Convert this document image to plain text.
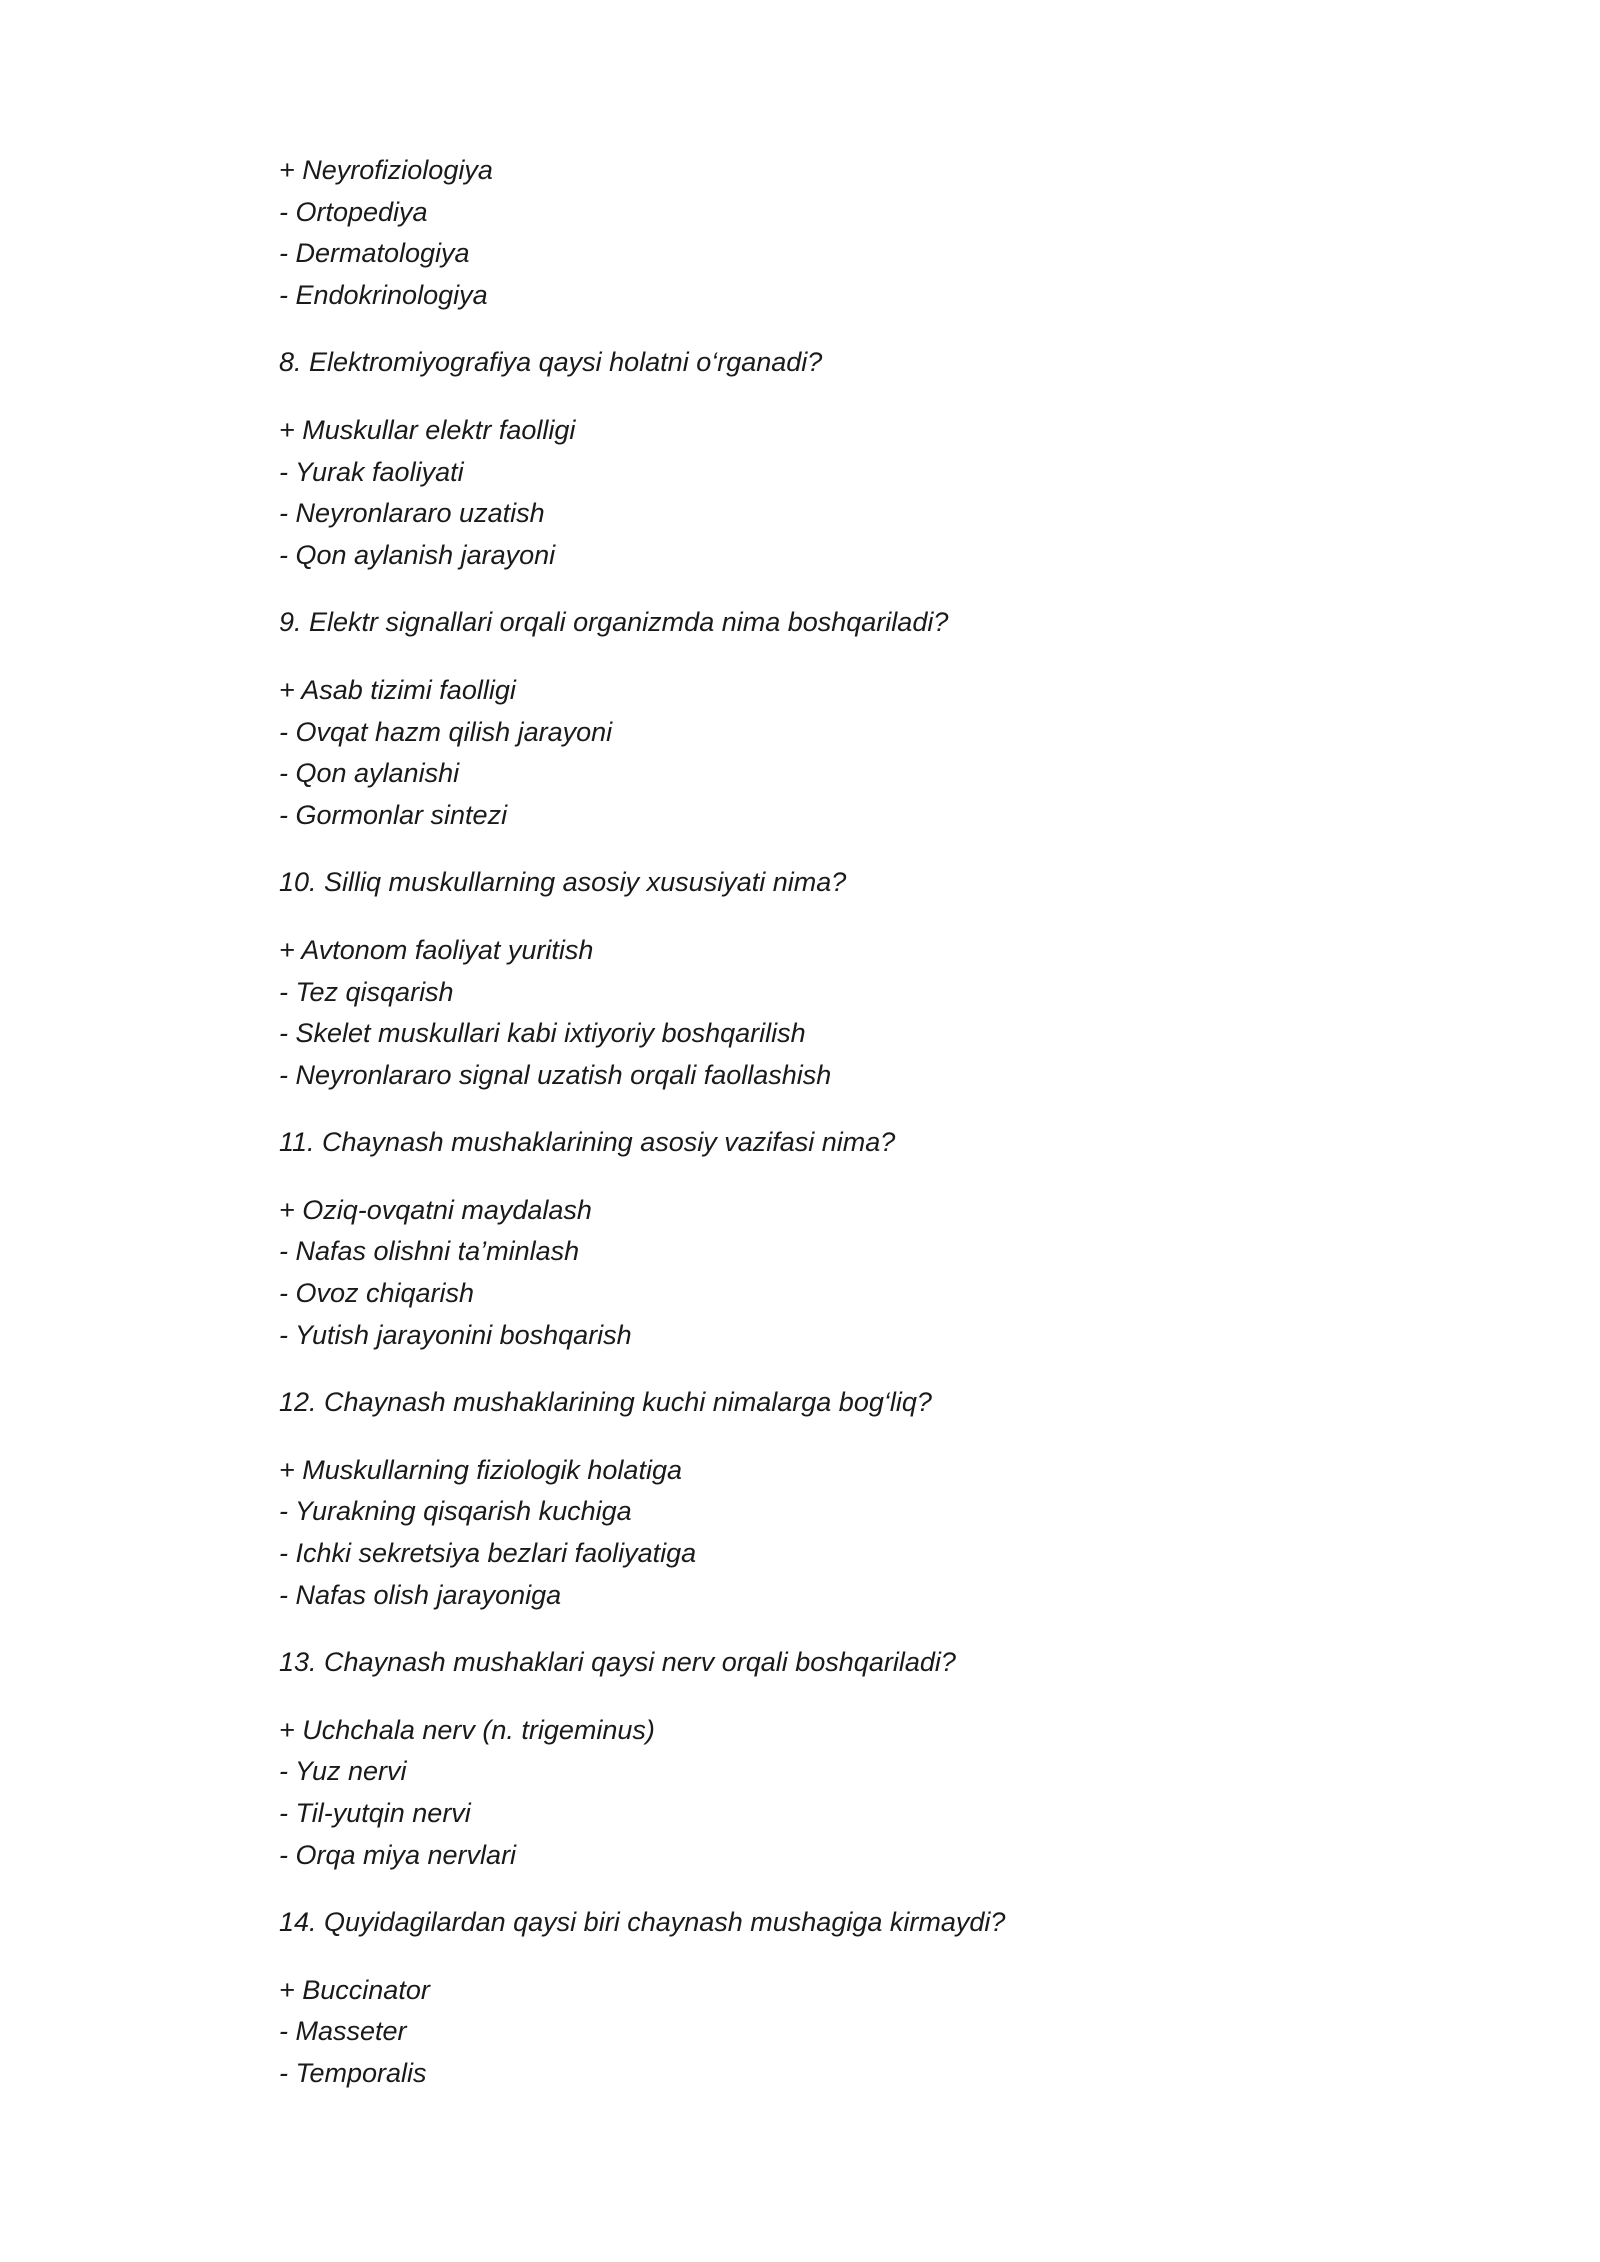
+ Neyrofiziologiya
- Ortopediya
- Dermatologiya
- Endokrinologiya
8. Elektromiyografiya qaysi holatni o‘rganadi?
+ Muskullar elektr faolligi
- Yurak faoliyati
- Neyronlararo uzatish
- Qon aylanish jarayoni
9. Elektr signallari orqali organizmda nima boshqariladi?
+ Asab tizimi faolligi
- Ovqat hazm qilish jarayoni
- Qon aylanishi
- Gormonlar sintezi
10. Silliq muskullarning asosiy xususiyati nima?
+ Avtonom faoliyat yuritish
- Tez qisqarish
- Skelet muskullari kabi ixtiyoriy boshqarilish
- Neyronlararo signal uzatish orqali faollashish
11. Chaynash mushaklarining asosiy vazifasi nima?
+ Oziq-ovqatni maydalash
- Nafas olishni ta’minlash
- Ovoz chiqarish
- Yutish jarayonini boshqarish
12. Chaynash mushaklarining kuchi nimalarga bog‘liq?
+ Muskullarning fiziologik holatiga
- Yurakning qisqarish kuchiga
- Ichki sekretsiya bezlari faoliyatiga
- Nafas olish jarayoniga
13. Chaynash mushaklari qaysi nerv orqali boshqariladi?
+ Uchchala nerv (n. trigeminus)
- Yuz nervi
- Til-yutqin nervi
- Orqa miya nervlari
14. Quyidagilardan qaysi biri chaynash mushagiga kirmaydi?
+ Buccinator
- Masseter
- Temporalis
